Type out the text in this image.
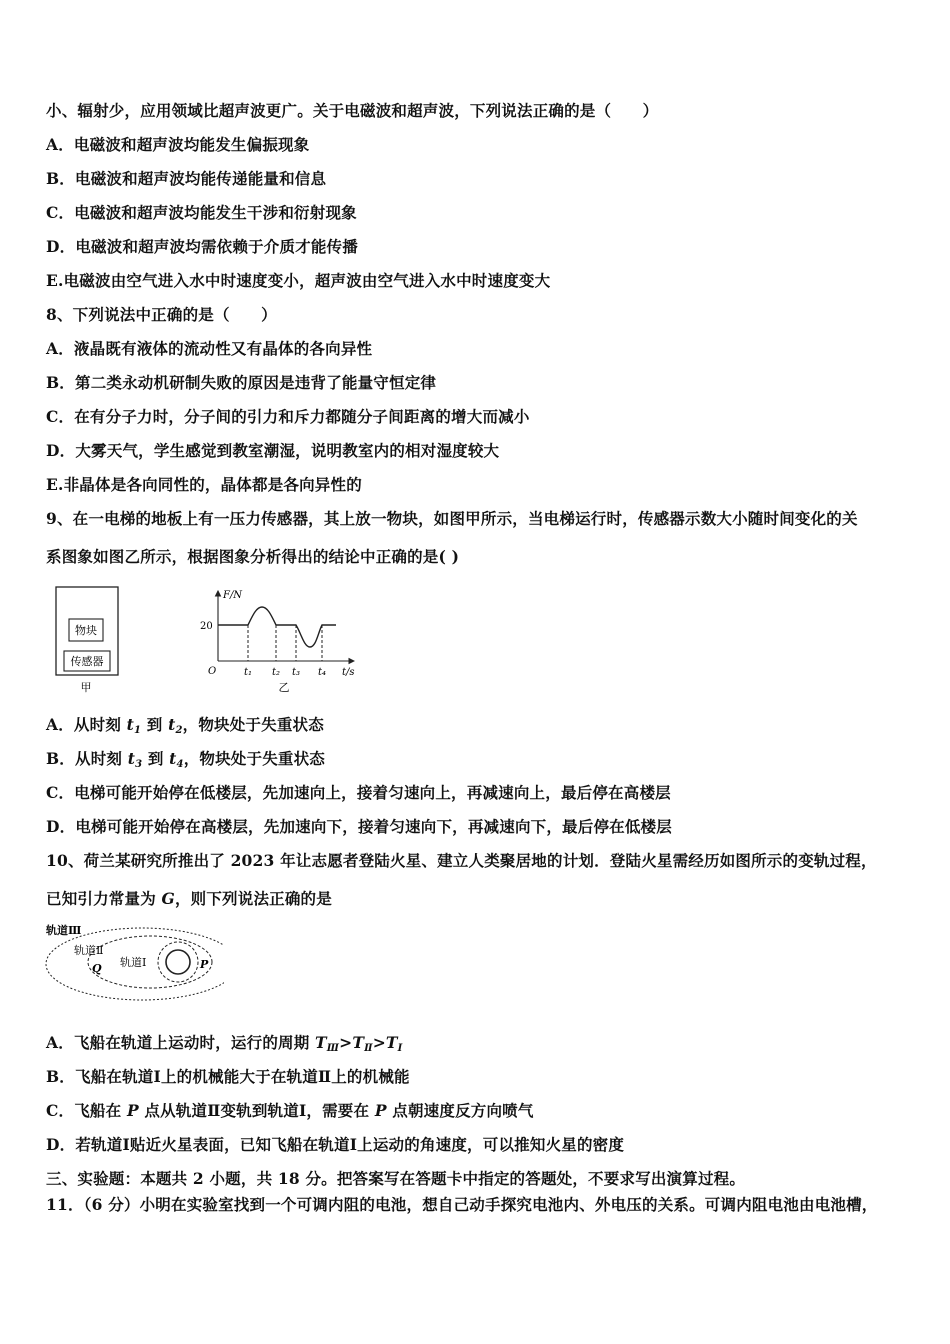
小、辐射少，应用领域比超声波更广。关于电磁波和超声波，下列说法正确的是（　　）
A．电磁波和超声波均能发生偏振现象
B．电磁波和超声波均能传递能量和信息
C．电磁波和超声波均能发生干涉和衍射现象
D．电磁波和超声波均需依赖于介质才能传播
E.电磁波由空气进入水中时速度变小，超声波由空气进入水中时速度变大
8、下列说法中正确的是（　　）
A．液晶既有液体的流动性又有晶体的各向异性
B．第二类永动机研制失败的原因是违背了能量守恒定律
C．在有分子力时，分子间的引力和斥力都随分子间距离的增大而减小
D．大雾天气，学生感觉到教室潮湿，说明教室内的相对湿度较大
E.非晶体是各向同性的，晶体都是各向异性的
9、在一电梯的地板上有一压力传感器，其上放一物块，如图甲所示，当电梯运行时，传感器示数大小随时间变化的关
系图象如图乙所示，根据图象分析得出的结论中正确的是( )
物块
传感器
甲
F/N
20
O	t₁ t₂ t₃ t₄ t/s
乙
A．从时刻 $t_1$ 到 $t_2$，物块处于失重状态
B．从时刻 $t_3$ 到 $t_4$，物块处于失重状态
C．电梯可能开始停在低楼层，先加速向上，接着匀速向上，再减速向上，最后停在高楼层
D．电梯可能开始停在高楼层，先加速向下，接着匀速向下，再减速向下，最后停在低楼层
10、荷兰某研究所推出了 2023 年让志愿者登陆火星、建立人类聚居地的计划．登陆火星需经历如图所示的变轨过程，
已知引力常量为 G，则下列说法正确的是
轨道Ⅲ
轨道Ⅱ
轨道Ⅰ
Q	P
A．飞船在轨道上运动时，运行的周期 $T_Ⅲ>T_Ⅱ>T_Ⅰ$
B．飞船在轨道Ⅰ上的机械能大于在轨道Ⅱ上的机械能
C．飞船在 P 点从轨道Ⅱ变轨到轨道Ⅰ，需要在 P 点朝速度反方向喷气
D．若轨道Ⅰ贴近火星表面，已知飞船在轨道Ⅰ上运动的角速度，可以推知火星的密度
三、实验题：本题共 2 小题，共 18 分。把答案写在答题卡中指定的答题处，不要求写出演算过程。
11．（6 分）小明在实验室找到一个可调内阻的电池，想自己动手探究电池内、外电压的关系。可调内阻电池由电池槽，
